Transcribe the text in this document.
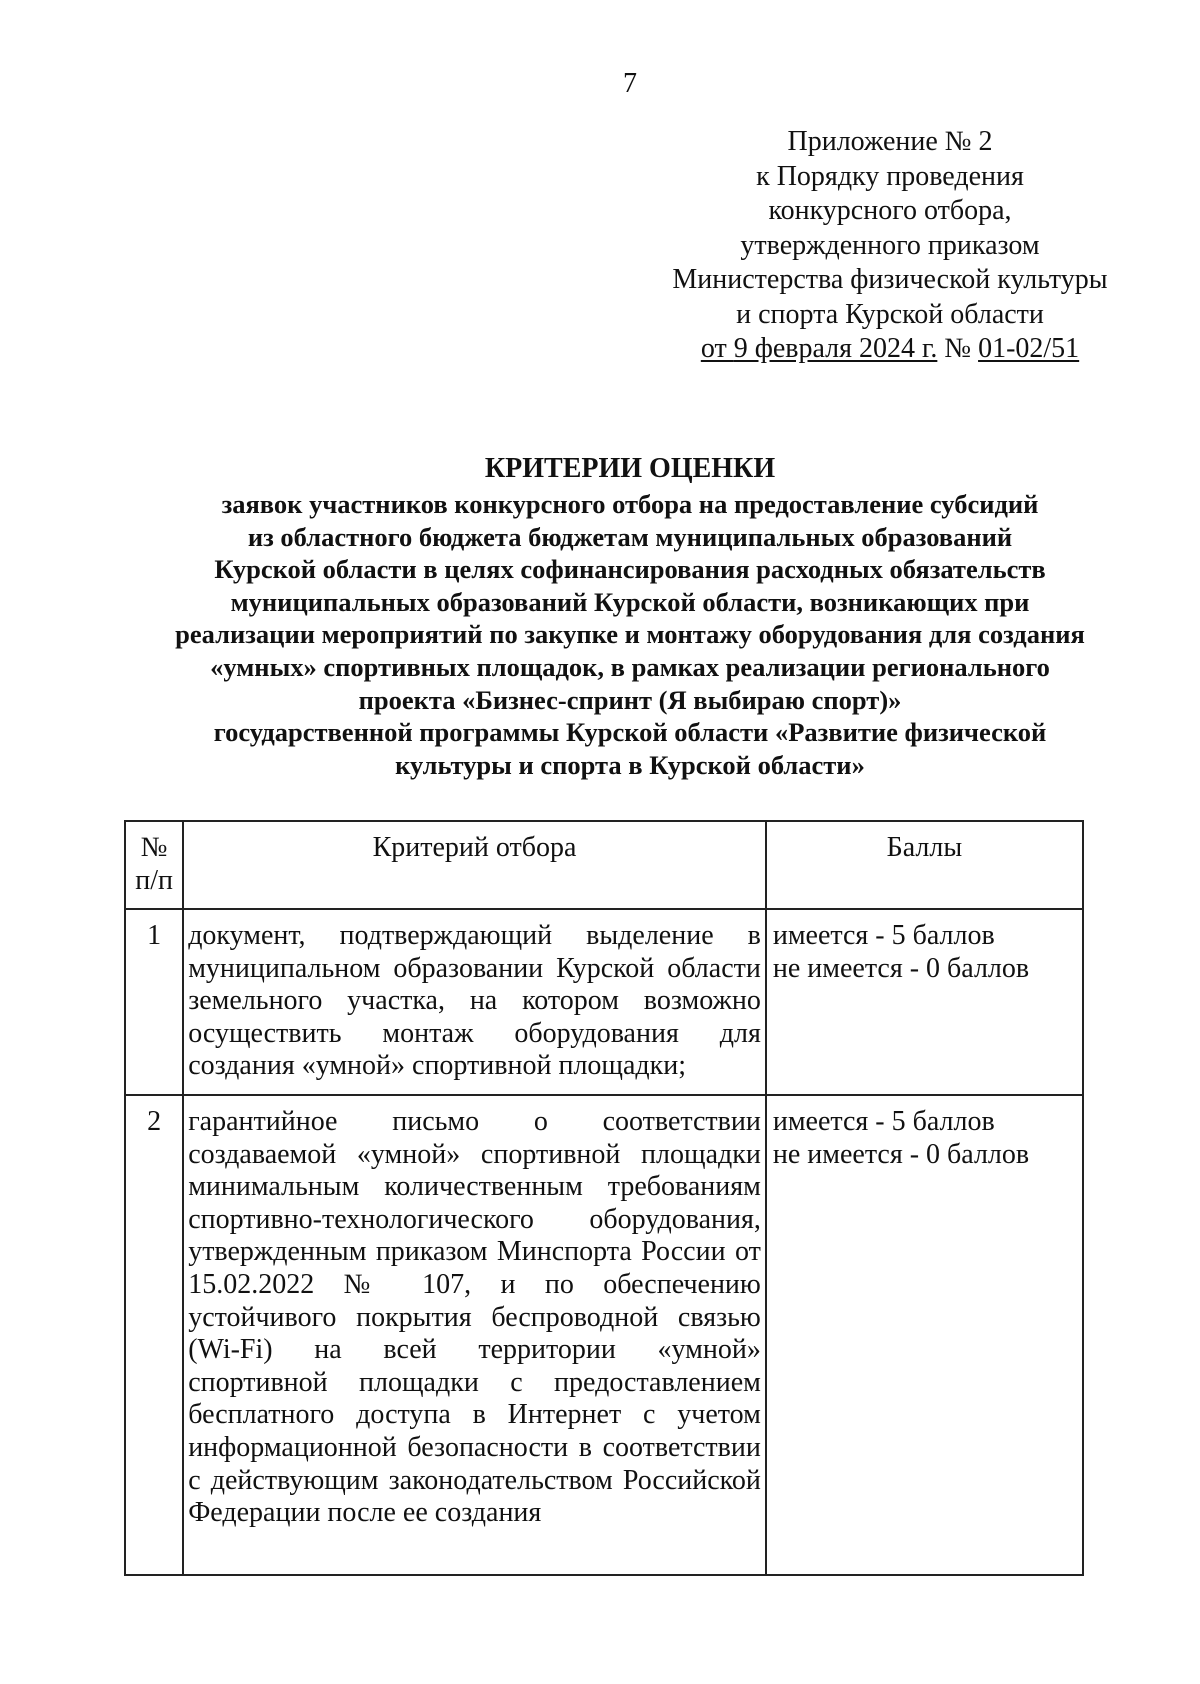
7
Приложение № 2
к Порядку проведения
конкурсного отбора,
утвержденного приказом
Министерства физической культуры
и спорта Курской области
от 9 февраля 2024 г. № 01-02/51
КРИТЕРИИ ОЦЕНКИ
заявок участников конкурсного отбора на предоставление субсидий
из областного бюджета бюджетам муниципальных образований
Курской области в целях софинансирования расходных обязательств
муниципальных образований Курской области, возникающих при
реализации мероприятий по закупке и монтажу оборудования для создания
«умных» спортивных площадок, в рамках реализации регионального
проекта «Бизнес-спринт (Я выбираю спорт)»
государственной программы Курской области «Развитие физической
культуры и спорта в Курской области»
№
п/п	Критерий отбора	Баллы
1	документ, подтверждающий выделение в муниципальном образовании Курской области земельного участка, на котором возможно осуществить монтаж оборудования для создания «умной» спортивной площадки;	имеется - 5 баллов
не имеется - 0 баллов

2	гарантийное письмо о соответствии создаваемой «умной» спортивной площадки минимальным количественным требованиям спортивно-технологического оборудования, утвержденным приказом Минспорта России от 15.02.2022 № 107, и по обеспечению устойчивого покрытия беспроводной связью (Wi-Fi) на всей территории «умной» спортивной площадки с предоставлением бесплатного доступа в Интернет с учетом информационной безопасности в соответствии с действующим законодательством Российской Федерации после ее создания	имеется - 5 баллов
не имеется - 0 баллов
